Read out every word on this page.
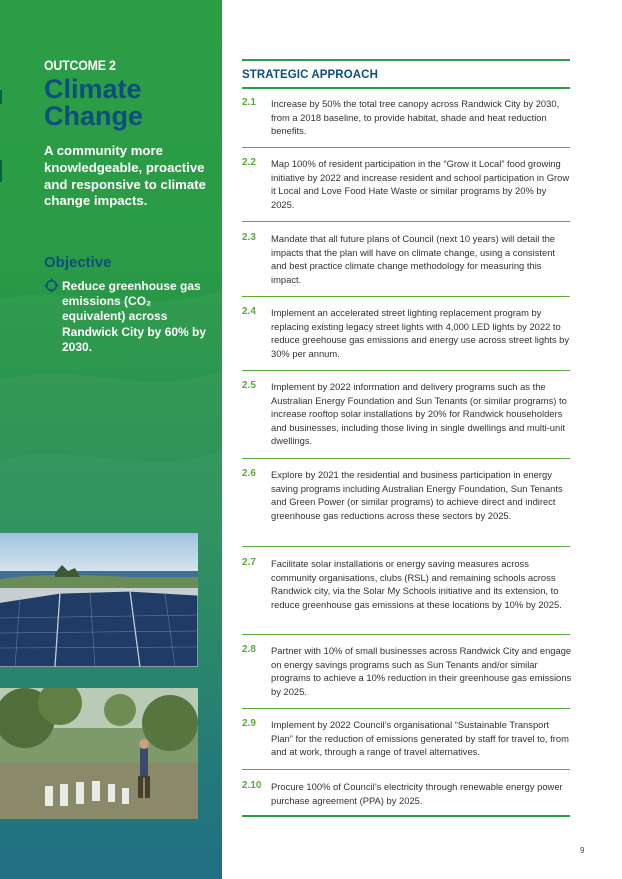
OUTCOME 2
Climate Change
A community more knowledgeable, proactive and responsive to climate change impacts.
Objective
Reduce greenhouse gas emissions (CO₂ equivalent) across Randwick City by 60% by 2030.
STRATEGIC APPROACH
2.1 Increase by 50% the total tree canopy across Randwick City by 2030, from a 2018 baseline, to provide habitat, shade and heat reduction benefits.
2.2 Map 100% of resident participation in the “Grow it Local” food growing initiative by 2022 and increase resident and school participation in Grow it Local and Love Food Hate Waste or similar programs by 20% by 2025.
2.3 Mandate that all future plans of Council (next 10 years) will detail the impacts that the plan will have on climate change, using a consistent and best practice climate change methodology for measuring this impact.
2.4 Implement an accelerated street lighting replacement program by replacing existing legacy street lights with 4,000 LED lights by 2022 to reduce greehouse gas emissions and energy use across street lights by 30% per annum.
2.5 Implement by 2022 information and delivery programs such as the Australian Energy Foundation and Sun Tenants (or similar programs) to increase rooftop solar installations by 20% for Randwick householders and businesses, including those living in single dwellings and multi-unit dwellings.
2.6 Explore by 2021 the residential and business participation in energy saving programs including Australian Energy Foundation, Sun Tenants and Green Power (or similar programs) to achieve direct and indirect greenhouse gas reductions across these sectors by 2025.
2.7 Facilitate solar installations or energy saving measures across community organisations, clubs (RSL) and remaining schools across Randwick city, via the Solar My Schools initiative and its extension, to reduce greenhouse gas emissions at these locations by 10% by 2025.
2.8 Partner with 10% of small businesses across Randwick City and engage on energy savings programs such as Sun Tenants and/or similar programs to achieve a 10% reduction in their greenhouse gas emissions by 2025.
2.9 Implement by 2022 Council’s organisational “Sustainable Transport Plan” for the reduction of emissions generated by staff for travel to, from and at work, through a range of travel alternatives.
2.10 Procure 100% of Council’s electricity through renewable energy power purchase agreement (PPA) by 2025.
9
